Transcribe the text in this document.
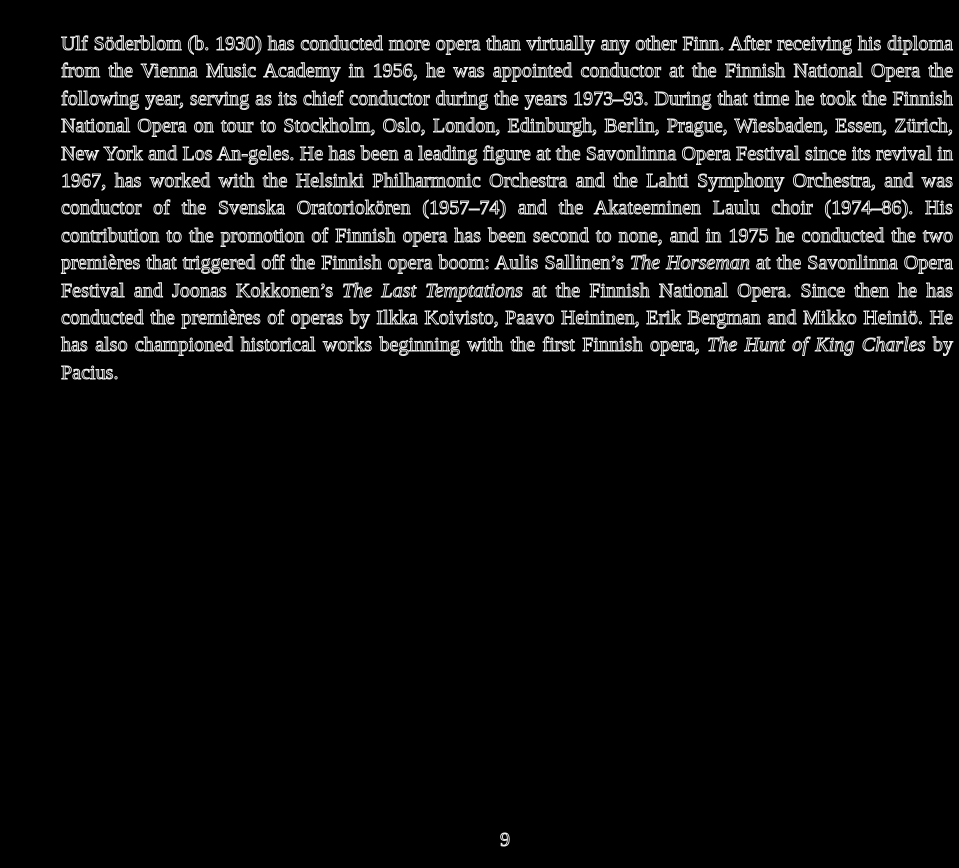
Ulf Söderblom (b. 1930) has conducted more opera than virtually any other Finn. After receiving his diploma from the Vienna Music Academy in 1956, he was appointed conductor at the Finnish National Opera the following year, serving as its chief conductor during the years 1973–93. During that time he took the Finnish National Opera on tour to Stockholm, Oslo, London, Edinburgh, Berlin, Prague, Wiesbaden, Essen, Zürich, New York and Los An-geles. He has been a leading figure at the Savonlinna Opera Festival since its revival in 1967, has worked with the Helsinki Philharmonic Orchestra and the Lahti Symphony Orchestra, and was conductor of the Svenska Oratoriokören (1957–74) and the Akateeminen Laulu choir (1974–86). His contribution to the promotion of Finnish opera has been second to none, and in 1975 he conducted the two premières that triggered off the Finnish opera boom: Aulis Sallinen’s The Horseman at the Savonlinna Opera Festival and Joonas Kokkonen’s The Last Temptations at the Finnish National Opera. Since then he has conducted the premières of operas by Ilkka Koivisto, Paavo Heininen, Erik Bergman and Mikko Heiniö. He has also championed historical works beginning with the first Finnish opera, The Hunt of King Charles by Pacius.

9
